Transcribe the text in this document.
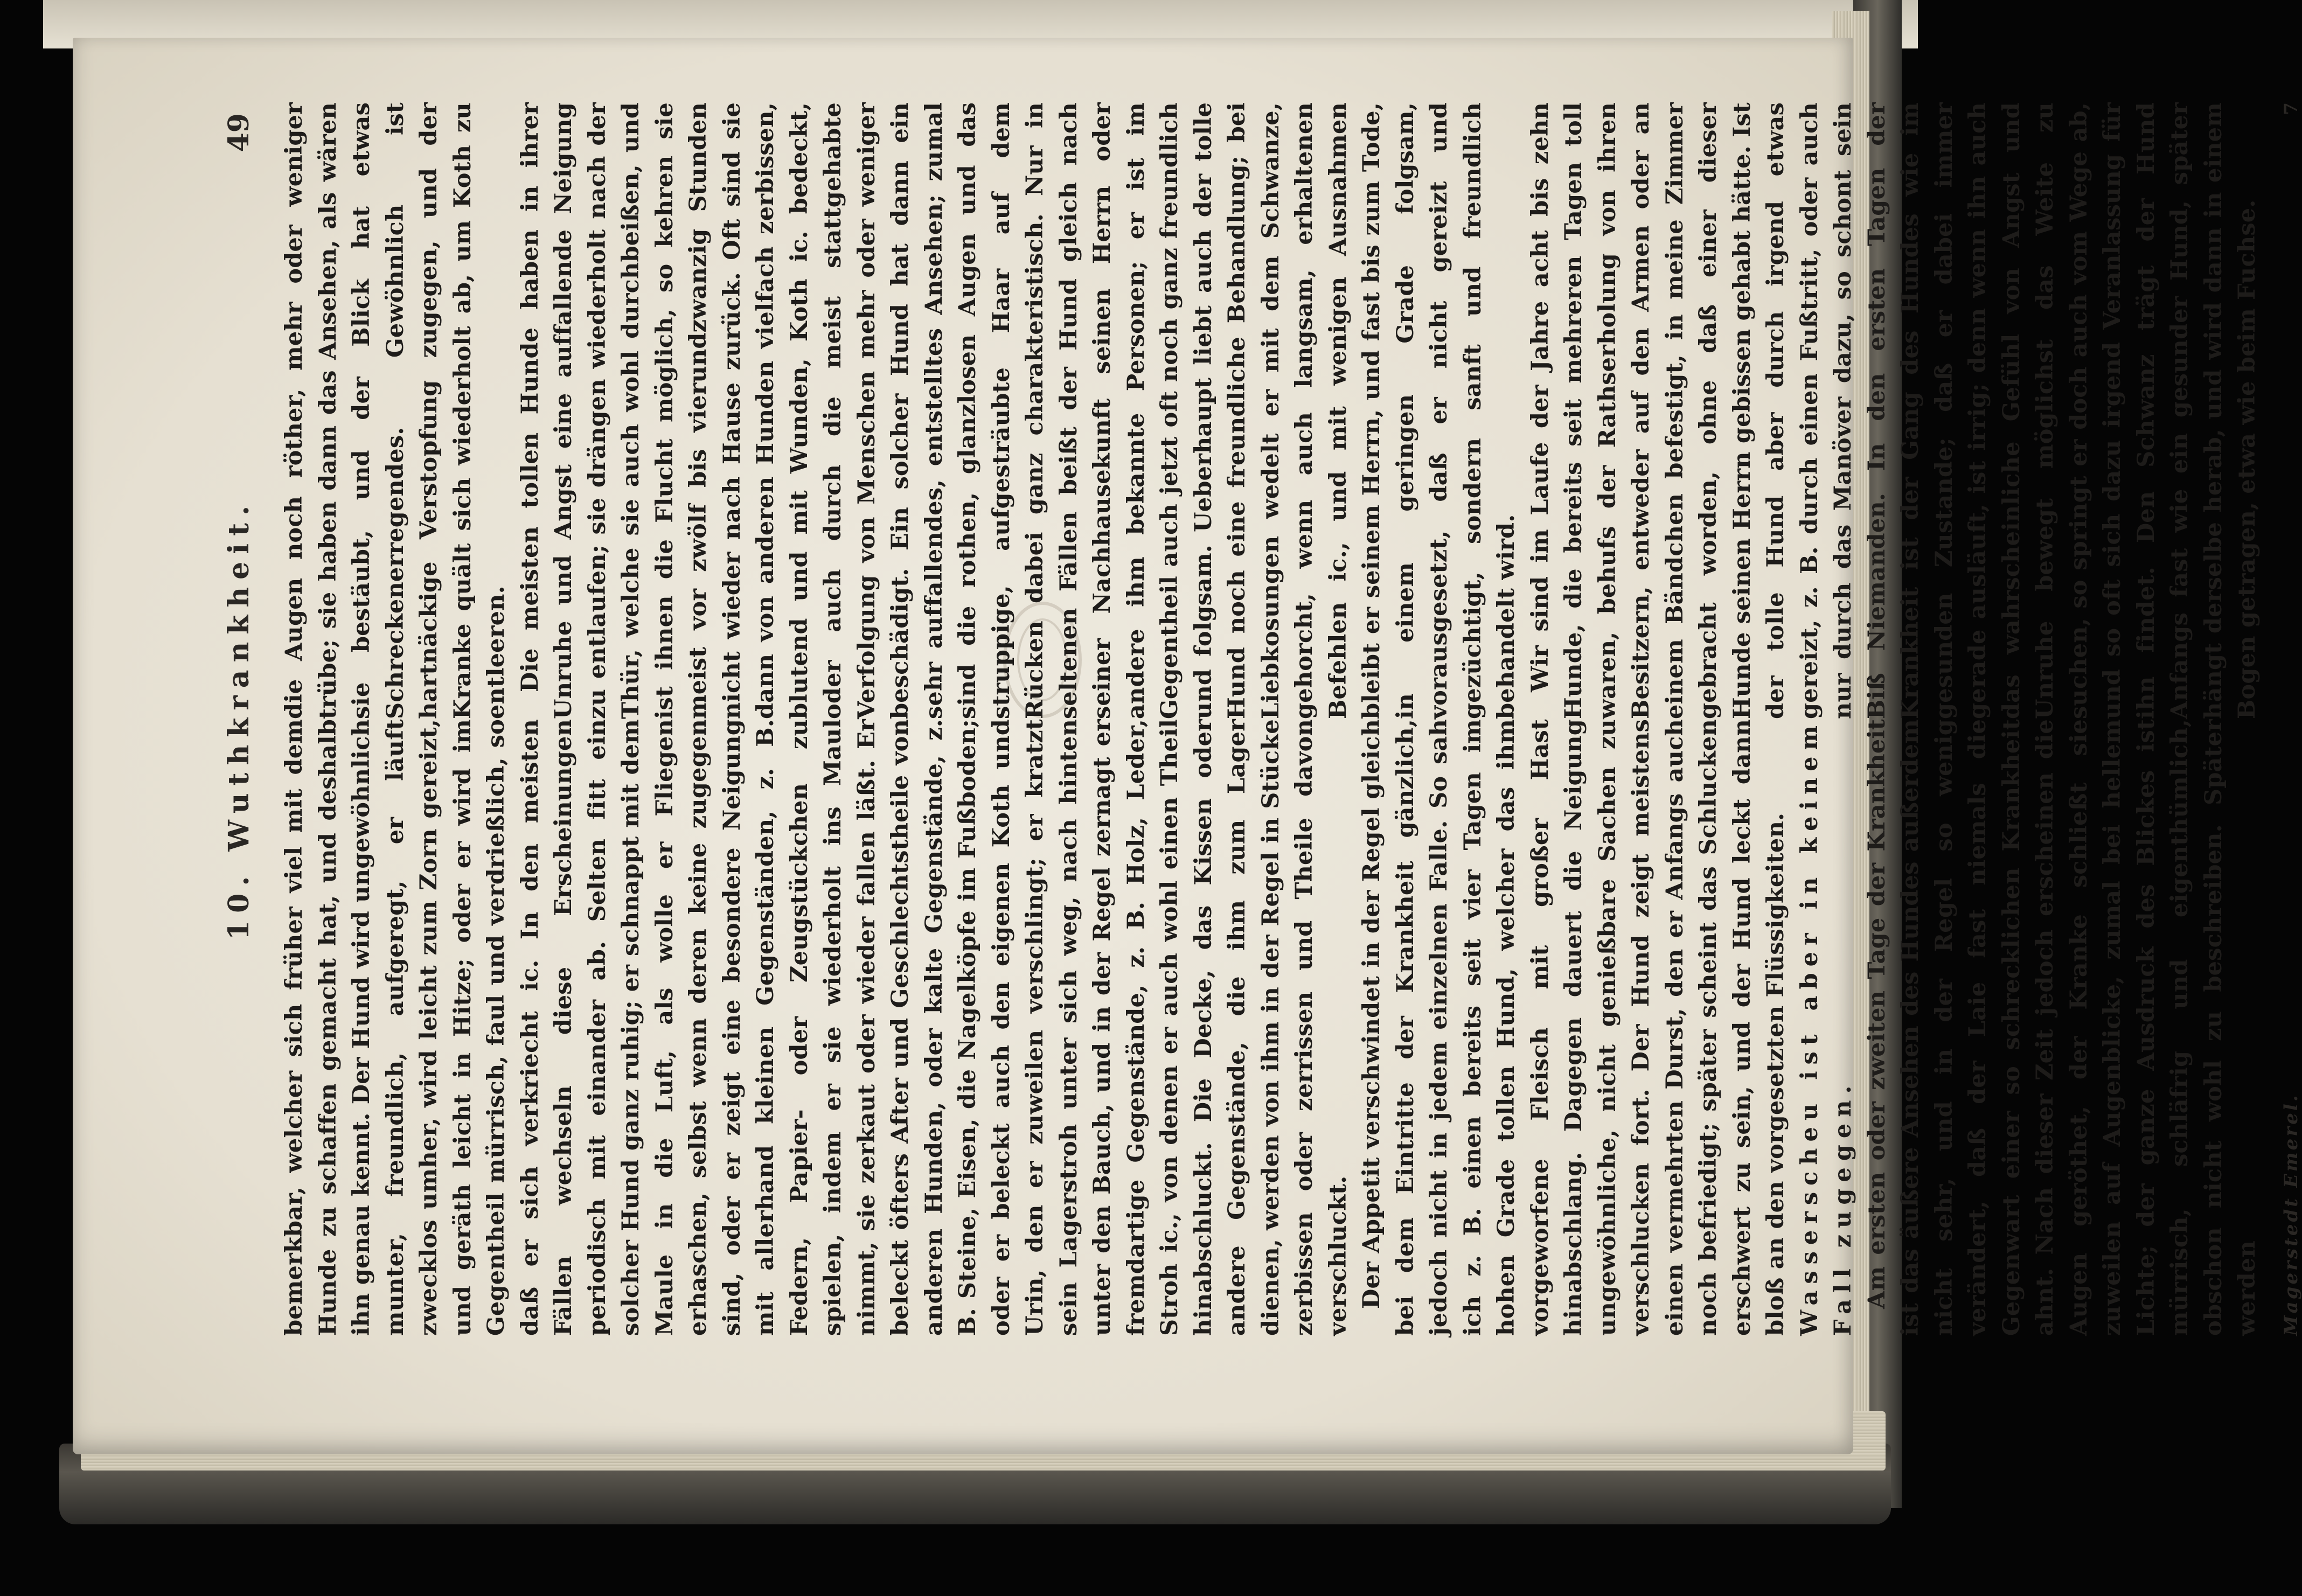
10. Wuthkrankheit.
49

bemerkbar, welcher sich früher viel mit dem Hunde zu schaffen gemacht hat, und deshalb ihn genau kennt. Der Hund wird ungewöhnlich munter, freundlich, aufgeregt, er läuft zwecklos umher, wird leicht zum Zorn gereizt, und geräth leicht in Hitze; oder er wird im Gegentheil mürrisch, faul und verdrießlich, so daß er sich verkriecht ic. In den meisten Fällen wechseln diese Erscheinungen periodisch mit einander ab. Selten fitt ein solcher Hund ganz ruhig; er schnappt mit dem Maule in die Luft, als wolle er Fliegen erhaschen, selbst wenn deren keine zugegen sind, oder er zeigt eine besondere Neigung mit allerhand kleinen Gegenständen, z. B. Federn, Papier- oder Zeugstückchen zu spielen, indem er sie wiederholt ins Maul nimmt, sie zerkaut oder wieder fallen läßt. Er beleckt öfters After und Geschlechtstheile von anderen Hunden, oder kalte Gegenstände, z. B. Steine, Eisen, die Nagelköpfe im Fußboden; oder er beleckt auch den eigenen Koth und Urin, den er zuweilen verschlingt; er kratzt sein Lagerstroh unter sich weg, nach hinten unter den Bauch, und in der Regel zernagt er fremdartige Gegenstände, z. B. Holz, Leder, Stroh ic., von denen er auch wohl einen Theil hinabschluckt. Die Decke, das Kissen oder andere Gegenstände, die ihm zum Lager dienen, werden von ihm in der Regel in Stücke zerbissen oder zerrissen und Theile davon verschluckt. Der Appetit verschwindet in der Regel gleich bei dem Eintritte der Krankheit gänzlich, jedoch nicht in jedem einzelnen Falle. So sah ich z. B. einen bereits seit vier Tagen im hohen Grade tollen Hund, welcher das ihm vorgeworfene Fleisch mit großer Hast hinabschlang. Dagegen dauert die Neigung ungewöhnliche, nicht genießbare Sachen zu verschlucken fort. Der Hund zeigt meistens einen vermehrten Durst, den er Anfangs auch noch befriedigt; später scheint das Schlucken erschwert zu sein, und der Hund leckt dann bloß an den vorgesetzten Flüssigkeiten. Wasserscheu ist aber in keinem Fall zugegen. Am ersten oder zweiten Tage der Krankheit ist das äußere Ansehen des Hundes außerdem nicht sehr, und in der Regel so wenig verändert, daß der Laie fast niemals die Gegenwart einer so schrecklichen Krankheit ahnt. Nach dieser Zeit jedoch erscheinen die Augen geröthet, der Kranke schließt sie zuweilen auf Augenblicke, zumal bei hellem Lichte; der ganze Ausdruck des Blickes ist mürrisch, schläfrig und eigenthümlich, obschon nicht wohl zu beschreiben. Später werden

die Augen noch röther, mehr oder weniger trübe; sie haben dann das Ansehen, als wären sie bestäubt, und der Blick hat etwas Schreckenerregendes. Gewöhnlich ist hartnäckige Verstopfung zugegen, und der Kranke quält sich wiederholt ab, um Koth zu entleeren. Die meisten tollen Hunde haben in ihrer Unruhe und Angst eine auffallende Neigung zu entlaufen; sie drängen wiederholt nach der Thür, welche sie auch wohl durchbeißen, und ist ihnen die Flucht möglich, so kehren sie meist vor zwölf bis vierundzwanzig Stunden nicht wieder nach Hause zurück. Oft sind sie dann von anderen Hunden vielfach zerbissen, blutend und mit Wunden, Koth ic. bedeckt, oder auch durch die meist stattgehabte Verfolgung von Menschen mehr oder weniger beschädigt. Ein solcher Hund hat dann ein sehr auffallendes, entstelltes Ansehen; zumal sind die rothen, glanzlosen Augen und das struppige, aufgesträubte Haar auf dem Rücken dabei ganz charakteristisch. Nur in seltenen Fällen beißt der Hund gleich nach seiner Nachhausekunft seinen Herrn oder andere ihm bekannte Personen; er ist im Gegentheil auch jetzt oft noch ganz freundlich und folgsam. Ueberhaupt liebt auch der tolle Hund noch eine freundliche Behandlung; bei Liebkosungen wedelt er mit dem Schwanze, gehorcht, wenn auch langsam, erhaltenen Befehlen ic., und mit wenigen Ausnahmen bleibt er seinem Herrn, und fast bis zum Tode, in einem geringen Grade folgsam, vorausgesetzt, daß er nicht gereizt und gezüchtigt, sondern sanft und freundlich behandelt wird. Wir sind im Laufe der Jahre acht bis zehn Hunde, die bereits seit mehreren Tagen toll waren, behufs der Rathserholung von ihren Besitzern, entweder auf den Armen oder an einem Bändchen befestigt, in meine Zimmer gebracht worden, ohne daß einer dieser Hunde seinen Herrn gebissen gehabt hätte. Ist der tolle Hund aber durch irgend etwas gereizt, z. B. durch einen Fußtritt, oder auch nur durch das Manöver dazu, so schont sein Biß Niemanden. In den ersten Tagen der Krankheit ist der Gang des Hundes wie im gesunden Zustande; daß er dabei immer gerade ausläuft, ist irrig; denn wenn ihn auch das wahrscheinliche Gefühl von Angst und Unruhe bewegt möglichst das Weite zu suchen, so springt er doch auch vom Wege ab, und so oft sich dazu irgend Veranlassung für ihn findet. Den Schwanz trägt der Hund Anfangs fast wie ein gesunder Hund, später hängt derselbe herab, und wird dann in einem Bogen getragen, etwa wie beim Fuchse.

Magerstedt Emerel.
7
